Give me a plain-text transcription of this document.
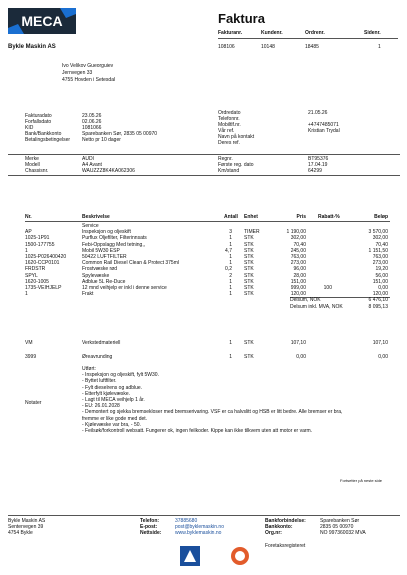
MECA	Faktura
Fakturanr.	Kundenr.	Ordrenr.	Sidenr.
108106	10148	18485	1
Bykle Maskin AS
Ivo Velikov Gueorguiev
Jernvegen 33
4755 Hovden i Setesdal
Fakturadato	23.05.26
Forfallsdato	02.06.26
KID	1081066
Bank/Bankkonto	Sparebanken Sør, 2835 05 00970
Betalingsbetingelser Netto pr 10 dager
Ordredato	21.05.26
Telefonnr.
Mobiltlf.nr.	+4747485071
Vår ref.	Kristian Trydal
Navn på kontakt
Deres ref.
Merke	AUDI
Modell	A4 Avant
Chassisnr.	WAUZZZ8K4KA062306
Regnr.	BT95376
Første reg. dato	17.04.19
Km/stand	64299
Nr.	Beskrivelse	Antall Enhet	Pris Rabatt-%	Beløp
Service
AP	Inspeksjon og oljeskift	3 TIMER	1 190,00	3 570,00
1025-1P91	Purflux Oljefilter, Filterinnsats	1 STK	302,00	302,00
1500-177755	Febi-Oppslagg Med tetning,,	1 STK	70,40	70,40
1	Mobil 5W30 ESP	4,7 STK	245,00	1 151,50
1025-P026400420	50422 LUFTFILTER	1 STK	763,00	763,00
1620-CCP0101	Common Rail Diesel Clean & Protect 375ml	1 STK	273,00	273,00
FRDSTR	Frostvæske rød	0,2 STK	96,00	19,20
SPYL	Spylevæske	2 STK	28,00	56,00
1620-1005	Adblue 5L Re-Duce	1 STK	151,00	151,00
1735-VEIHJELP	12 mnd veihjelp er inkl i denne service	1 STK	999,00	100	0,00
1	Frakt	1 STK	120,00	120,00
Delsum, NOK	6 476,10
Delsum inkl. MVA, NOK	8 095,13
VM	Verkstedmateriell	1 STK	107,10	107,10
3999	Øreavrunding	1 STK	0,00	0,00
Notater
Utført:
- Inspeksjon og oljeskift, fylt 5W30.
- Byttet luftfilter.
- Fylt dieselrens og adblue.
- Etterfylt kjølevæske.
- Lagt til MECA veihjelp 1 år.
- EU: 26.01.2028
- Demontert og sjekka bremsekloser med bremserivaring. VSF er ca halvslitt og HSB er litt bedre. Alle bremser er bra,
fremme er like gode med det.
- Kjølevæske var bra, - 50.
- Feilsøk/forkontroll websatt. Fungerer ok, ingen feilkoder. Kippe kan ikke tilkvem uten att motor er varm.
Fortsetter på neste side
Bykle Maskin AS
Sentervegen 39
4754 Bykle
Telefon:	37885680
E-post:	post@byklemaskin.no
Nettside:	www.byklemaskin.no
Bankforbindelse:	Sparebanken Sør
Bankkonto:	2835 05 00970
Org.nr:	NO 997360032 MVA
Foretaksregisteret
